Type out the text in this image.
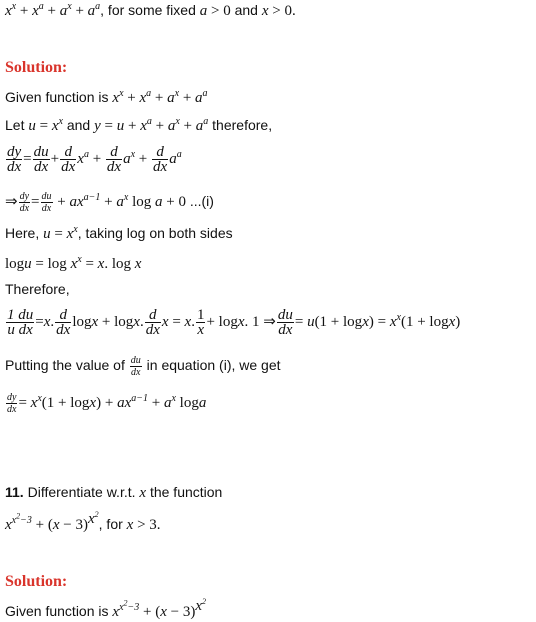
$x^x + x^a + a^x + a^a$, for some fixed a > 0 and x > 0.
Solution:
Given function is $x^x + x^a + a^x + a^a$
Let $u = x^x$ and $y = u + x^a + a^x + a^a$ therefore,
$\frac{dy}{dx} = \frac{du}{dx} + \frac{d}{dx} x^a + \frac{d}{dx} a^x + \frac{d}{dx} a^a$
⇒ $\frac{dy}{dx} = \frac{du}{dx} + ax^{a-1} + a^x$ log a + 0 ...(i)
Here, $u = x^x$, taking log on both sides
$\log u = \log x^x = x$. log x
Therefore,
$\frac{1 du}{\text{u dx}} =x$. $\frac{d}{dx}$ logx + logx. $\frac{d}{dx}$ x = x. $\frac{1}{x} + \log x$. 1 ⇒ $\frac{du}{dx} = u(1 + \log x) = x^x(1 + \log x)$
Putting the value of $\frac{du}{dx}$ in equation (i), we get
$\frac{dy}{dx} = x^x(1 + \log x) + ax^{a-1} + a^x$ loga
11. Differentiate w.r.t. x the function
$x^{x^2-3} + (x - 3)^{x^2}$, for x > 3.
Solution:
Given function is $x^{x^2-3} + (x - 3)^{x^2}$
